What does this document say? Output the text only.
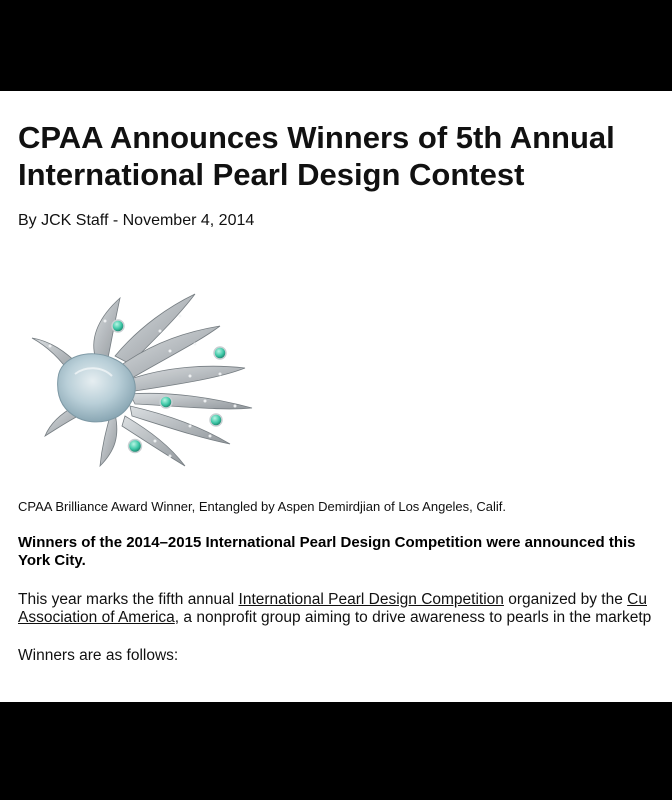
CPAA Announces Winners of 5th Annual
International Pearl Design Contest
By JCK Staff - November 4, 2014
CPAA Brilliance Award Winner, Entangled by Aspen Demirdjian of Los Angeles, Calif.
Winners of the 2014–2015 International Pearl Design Competition were announced this
York City.
This year marks the fifth annual International Pearl Design Competition organized by the Cu
Association of America, a nonprofit group aiming to drive awareness to pearls in the marketp
Winners are as follows:
